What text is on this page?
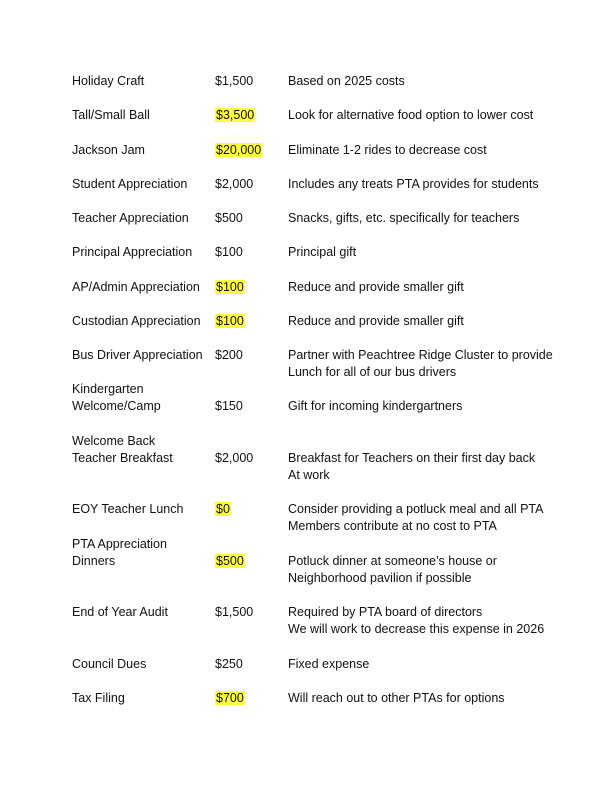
Holiday Craft	$1,500	Based on 2025 costs
Tall/Small Ball	$3,500	Look for alternative food option to lower cost
Jackson Jam	$20,000	Eliminate 1-2 rides to decrease cost
Student Appreciation	$2,000	Includes any treats PTA provides for students
Teacher Appreciation	$500	Snacks, gifts, etc. specifically for teachers
Principal Appreciation	$100	Principal gift
AP/Admin Appreciation	$100	Reduce and provide smaller gift
Custodian Appreciation	$100	Reduce and provide smaller gift
Bus Driver Appreciation $200	Partner with Peachtree Ridge Cluster to provide
Lunch for all of our bus drivers
Kindergarten
Welcome/Camp	$150	Gift for incoming kindergartners
Welcome Back
Teacher Breakfast	$2,000	Breakfast for Teachers on their first day back
At work
EOY Teacher Lunch	$0	Consider providing a potluck meal and all PTA
Members contribute at no cost to PTA
PTA Appreciation
Dinners	$500	Potluck dinner at someone’s house or
Neighborhood pavilion if possible
End of Year Audit	$1,500	Required by PTA board of directors
We will work to decrease this expense in 2026
Council Dues	$250	Fixed expense
Tax Filing	$700	Will reach out to other PTAs for options
